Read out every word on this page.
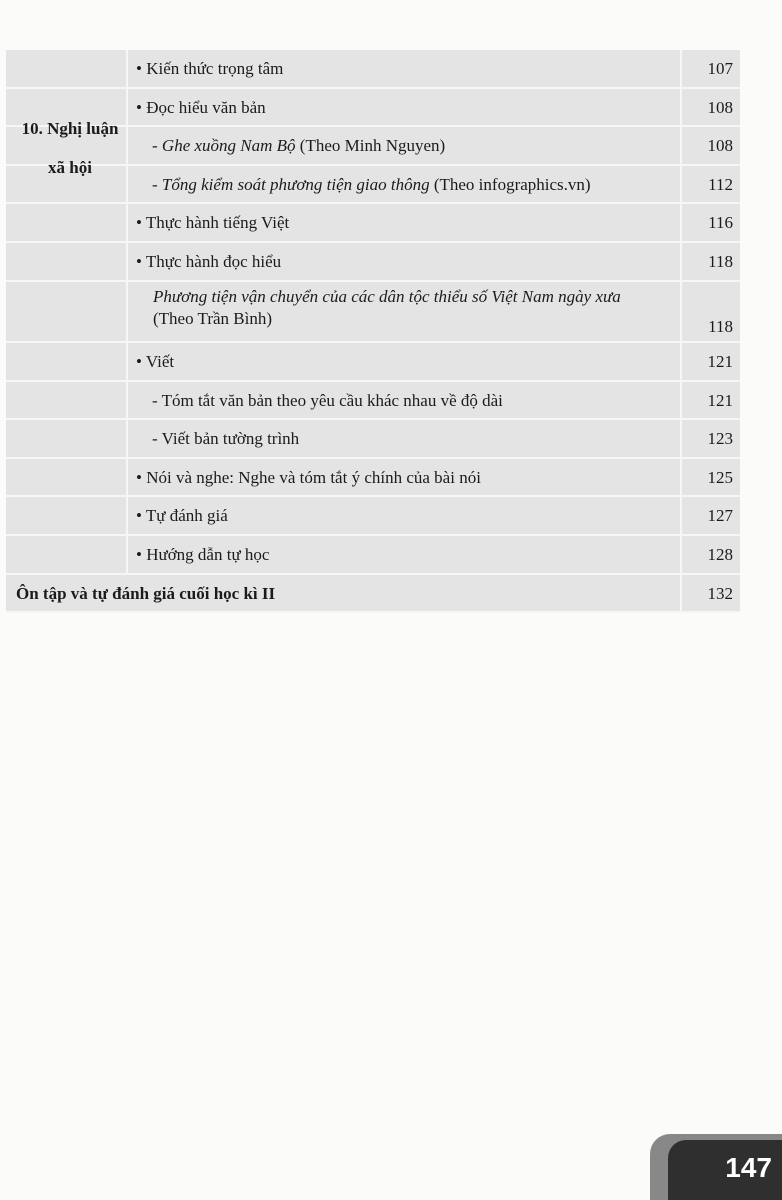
10. Nghị luận
xã hội
• Kiến thức trọng tâm	107
• Đọc hiểu văn bản	108
- Ghe xuồng Nam Bộ (Theo Minh Nguyen)	108
- Tổng kiểm soát phương tiện giao thông (Theo infographics.vn)	112
• Thực hành tiếng Việt	116
• Thực hành đọc hiểu	118
Phương tiện vận chuyển của các dân tộc thiểu số Việt Nam ngày xưa
(Theo Trần Bình)	118
• Viết	121
- Tóm tắt văn bản theo yêu cầu khác nhau về độ dài	121
- Viết bản tường trình	123
• Nói và nghe: Nghe và tóm tắt ý chính của bài nói	125
• Tự đánh giá	127
• Hướng dẫn tự học	128
Ôn tập và tự đánh giá cuối học kì II	132
147
